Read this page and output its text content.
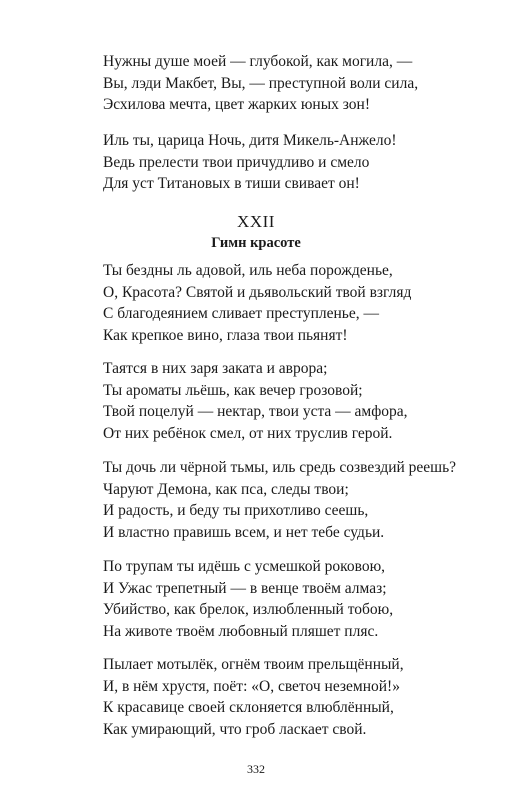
Нужны душе моей — глубокой, как могила, —
Вы, лэди Макбет, Вы, — преступной воли сила,
Эсхилова мечта, цвет жарких юных зон!
Иль ты, царица Ночь, дитя Микель-Анжело!
Ведь прелести твои причудливо и смело
Для уст Титановых в тиши свивает он!
XXII
Гимн красоте
Ты бездны ль адовой, иль неба порожденье,
О, Красота? Святой и дьявольский твой взгляд
С благодеянием сливает преступленье, —
Как крепкое вино, глаза твои пьянят!
Таятся в них заря заката и аврора;
Ты ароматы льёшь, как вечер грозовой;
Твой поцелуй — нектар, твои уста — амфора,
От них ребёнок смел, от них труслив герой.
Ты дочь ли чёрной тьмы, иль средь созвездий реешь?
Чаруют Демона, как пса, следы твои;
И радость, и беду ты прихотливо сеешь,
И властно правишь всем, и нет тебе судьи.
По трупам ты идёшь с усмешкой роковою,
И Ужас трепетный — в венце твоём алмаз;
Убийство, как брелок, излюбленный тобою,
На животе твоём любовный пляшет пляс.
Пылает мотылёк, огнём твоим прельщённый,
И, в нём хрустя, поёт: «О, светоч неземной!»
К красавице своей склоняется влюблённый,
Как умирающий, что гроб ласкает свой.
332
